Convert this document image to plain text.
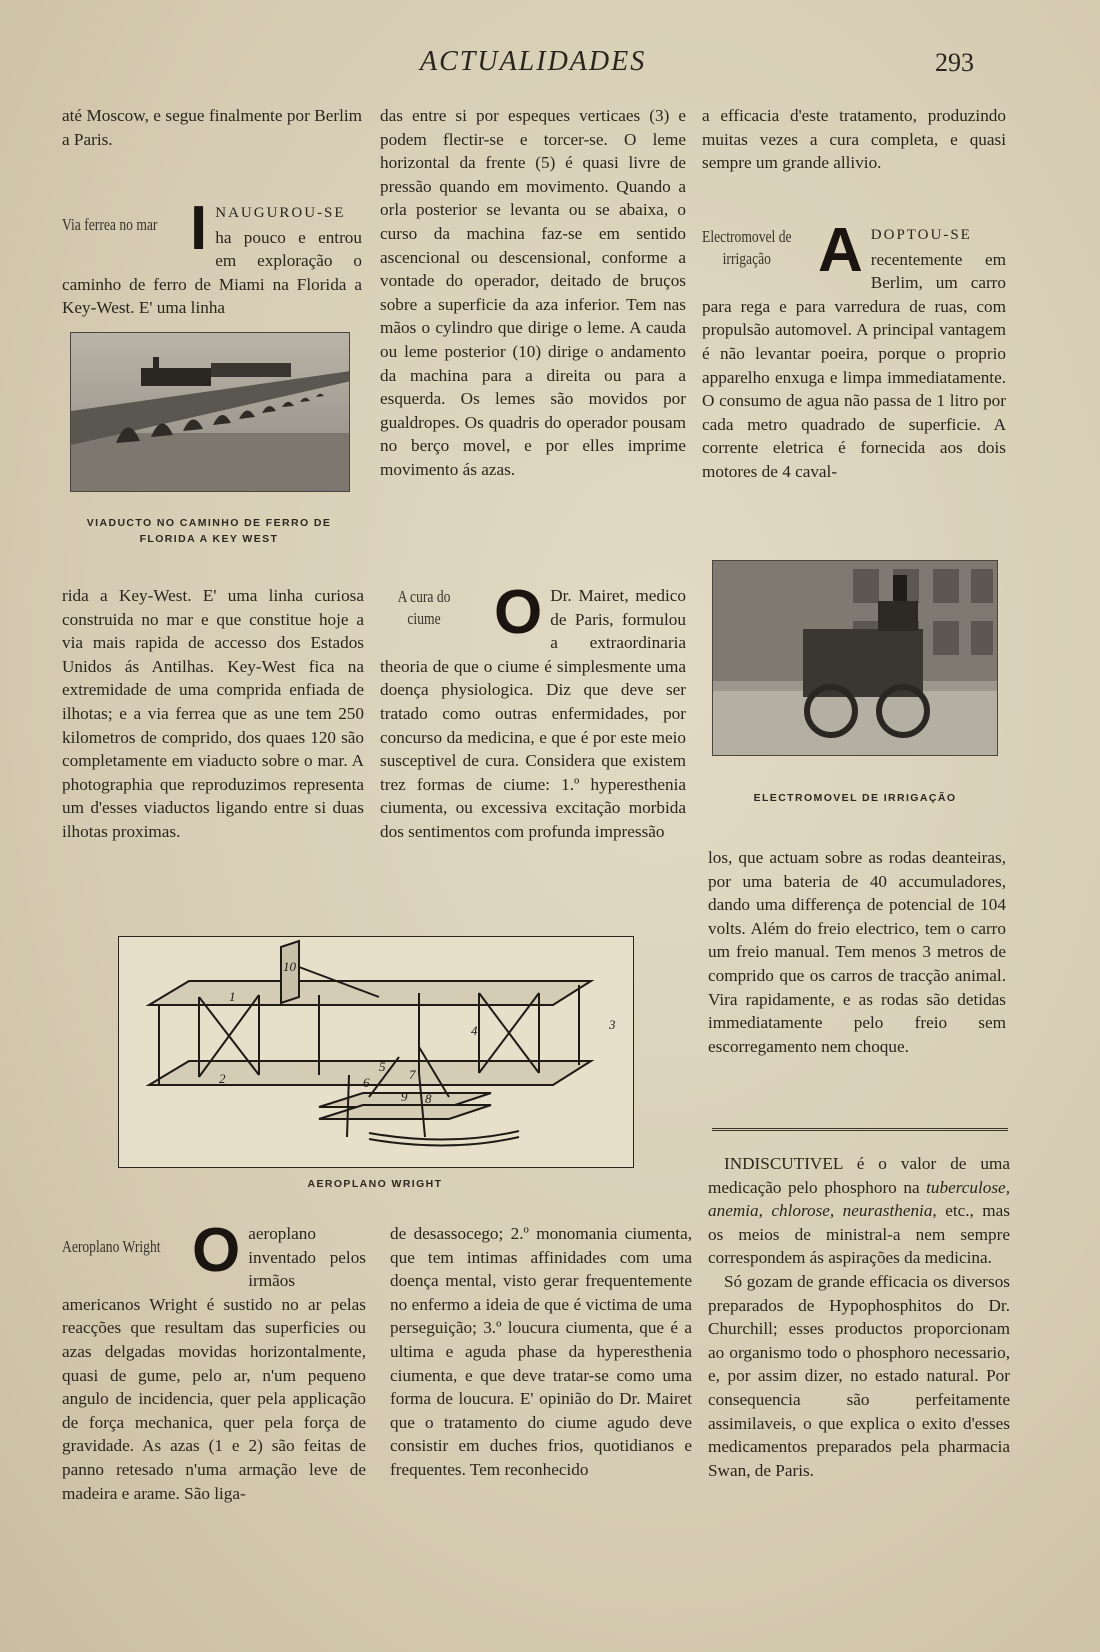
ACTUALIDADES	293

até Moscow, e segue finalmente por Berlim a Paris.

Via ferrea no mar I NAUGUROU-SE ha pouco e entrou em exploração o caminho de ferro de Miami na Florida a Key-West. E' uma linha
VIADUCTO NO CAMINHO DE FERRO DE FLORIDA A KEY WEST

rida a Key-West. E' uma linha curiosa construida no mar e que constitue hoje a via mais rapida de accesso dos Estados Unidos ás Antilhas. Key-West fica na extremidade de uma comprida enfiada de ilhotas; e a via ferrea que as une tem 250 kilometros de comprido, dos quaes 120 são completamente em viaducto sobre o mar. A photographia que reproduzimos representa um d'esses viaductos ligando entre si duas ilhotas proximas.

das entre si por espeques verticaes (3) e podem flectir-se e torcer-se. O leme horizontal da frente (5) é quasi livre de pressão quando em movimento. Quando a orla posterior se levanta ou se abaixa, o curso da machina faz-se em sentido ascencional ou descensional, conforme a vontade do operador, deitado de bruços sobre a superficie da aza inferior. Tem nas mãos o cylindro que dirige o leme. A cauda ou leme posterior (10) dirige o andamento da machina para a direita ou para a esquerda. Os lemes são movidos por gualdropes. Os quadris do operador pousam no berço movel, e por elles imprime movimento ás azas.

A cura do ciume O Dr. Mairet, medico de Paris, formulou a extraordinaria theoria de que o ciume é simplesmente uma doença physiologica. Diz que deve ser tratado como outras enfermidades, por concurso da medicina, e que é por este meio susceptivel de cura. Considera que existem trez formas de ciume: 1.º hyperesthenia ciumenta, ou excessiva excitação morbida dos sentimentos com profunda impressão

a efficacia d'este tratamento, produzindo muitas vezes a cura completa, e quasi sempre um grande allivio.

Electromovel de irrigação A DOPTOU-SE recentemente em Berlim, um carro para rega e para varredura de ruas, com propulsão automovel. A principal vantagem é não levantar poeira, porque o proprio apparelho enxuga e limpa immediatamente. O consumo de agua não passa de 1 litro por cada metro quadrado de superficie. A corrente eletrica é fornecida aos dois motores de 4 caval-
ELECTROMOVEL DE IRRIGAÇÃO

los, que actuam sobre as rodas deanteiras, por uma bateria de 40 accumuladores, dando uma differença de potencial de 104 volts. Além do freio electrico, tem o carro um freio manual. Tem menos 3 metros de comprido que os carros de tracção animal. Vira rapidamente, e as rodas são detidas immediatamente pelo freio sem escorregamento nem choque.

1
2
3
4
5
6
7
8
9
10
AEROPLANO WRIGHT
Aeroplano Wright O aeroplano inventado pelos irmãos americanos Wright é sustido no ar pelas reacções que resultam das superficies ou azas delgadas movidas horizontalmente, quasi de gume, pelo ar, n'um pequeno angulo de incidencia, quer pela applicação de força mechanica, quer pela força de gravidade. As azas (1 e 2) são feitas de panno retesado n'uma armação leve de madeira e arame. São liga-

de desassocego; 2.º monomania ciumenta, que tem intimas affinidades com uma doença mental, visto gerar frequentemente no enfermo a ideia de que é victima de uma perseguição; 3.º loucura ciumenta, que é a ultima e aguda phase da hyperesthenia ciumenta, e que deve tratar-se como uma forma de loucura. E' opinião do Dr. Mairet que o tratamento do ciume agudo deve consistir em duches frios, quotidianos e frequentes. Tem reconhecido

INDISCUTIVEL é o valor de uma medicação pelo phosphoro na tuberculose, anemia, chlorose, neurasthenia, etc., mas os meios de ministral-a nem sempre correspondem ás aspirações da medicina.

Só gozam de grande efficacia os diversos preparados de Hypophosphitos do Dr. Churchill; esses productos proporcionam ao organismo todo o phosphoro necessario, e, por assim dizer, no estado natural. Por consequencia são perfeitamente assimilaveis, o que explica o exito d'esses medicamentos preparados pela pharmacia Swan, de Paris.
